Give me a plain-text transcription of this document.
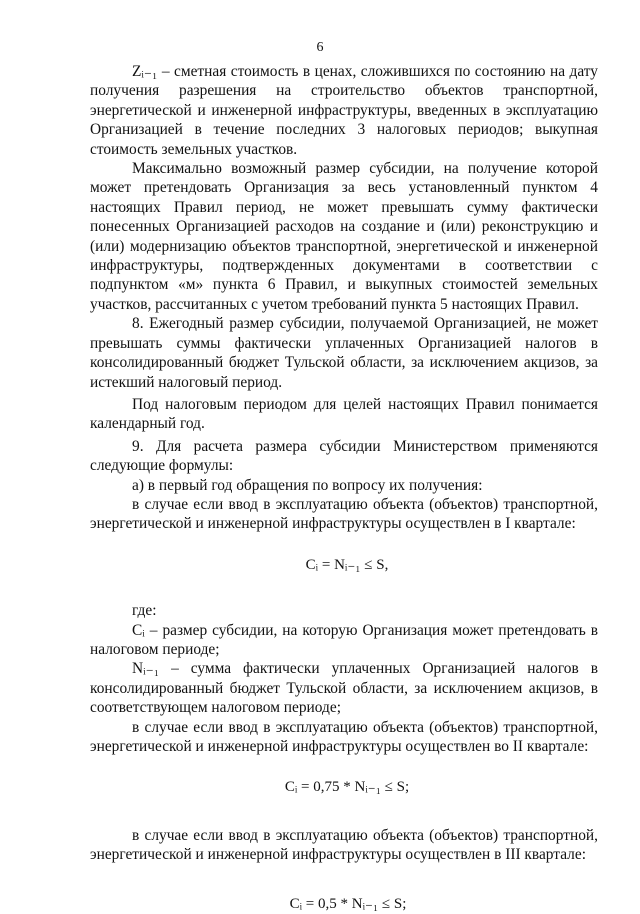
6

Zᵢ₋₁ – сметная стоимость в ценах, сложившихся по состоянию на дату получения разрешения на строительство объектов транспортной, энергетической и инженерной инфраструктуры, введенных в эксплуатацию Организацией в течение последних 3 налоговых периодов; выкупная стоимость земельных участков.

Максимально возможный размер субсидии, на получение которой может претендовать Организация за весь установленный пунктом 4 настоящих Правил период, не может превышать сумму фактически понесенных Организацией расходов на создание и (или) реконструкцию и (или) модернизацию объектов транспортной, энергетической и инженерной инфраструктуры, подтвержденных документами в соответствии с подпунктом «м» пункта 6 Правил, и выкупных стоимостей земельных участков, рассчитанных с учетом требований пункта 5 настоящих Правил.

8. Ежегодный размер субсидии, получаемой Организацией, не может превышать суммы фактически уплаченных Организацией налогов в консолидированный бюджет Тульской области, за исключением акцизов, за истекший налоговый период.

Под налоговым периодом для целей настоящих Правил понимается календарный год.

9. Для расчета размера субсидии Министерством применяются следующие формулы:

а) в первый год обращения по вопросу их получения:

в случае если ввод в эксплуатацию объекта (объектов) транспортной, энергетической и инженерной инфраструктуры осуществлен в I квартале:

Cᵢ = Nᵢ₋₁ ≤ S,

где:

Cᵢ – размер субсидии, на которую Организация может претендовать в налоговом периоде;

Nᵢ₋₁ – сумма фактически уплаченных Организацией налогов в консолидированный бюджет Тульской области, за исключением акцизов, в соответствующем налоговом периоде;

в случае если ввод в эксплуатацию объекта (объектов) транспортной, энергетической и инженерной инфраструктуры осуществлен во II квартале:

Cᵢ = 0,75 * Nᵢ₋₁ ≤ S;

в случае если ввод в эксплуатацию объекта (объектов) транспортной, энергетической и инженерной инфраструктуры осуществлен в III квартале:

Cᵢ = 0,5 * Nᵢ₋₁ ≤ S;
